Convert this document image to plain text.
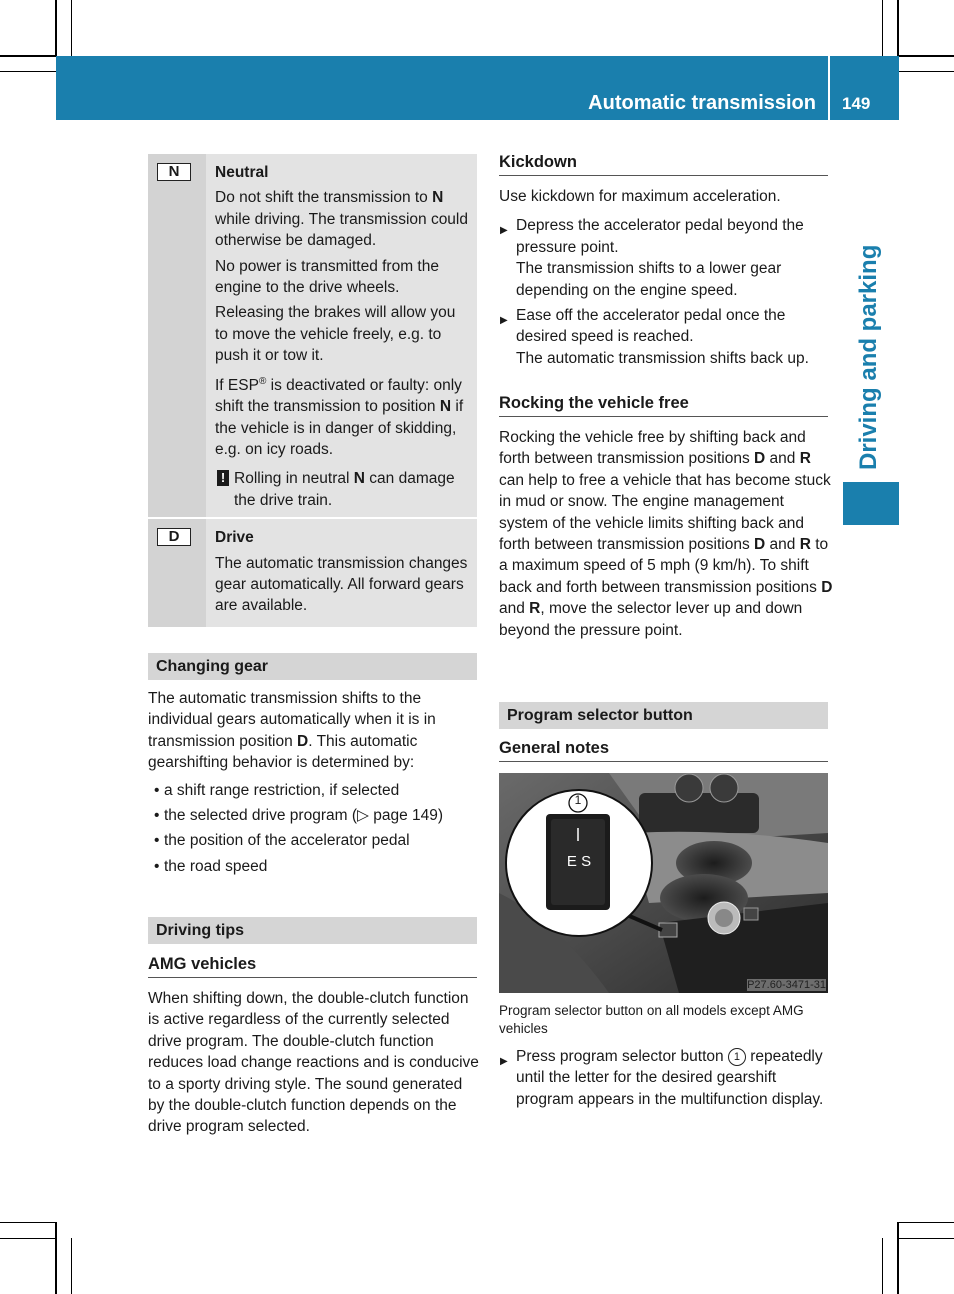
Automatic transmission 149
Driving and parking
N	Neutral

Do not shift the transmission to N while driving. The transmission could otherwise be damaged.

No power is transmitted from the engine to the drive wheels.

Releasing the brakes will allow you to move the vehicle freely, e.g. to push it or tow it.

If ESP® is deactivated or faulty: only shift the transmission to position N if the vehicle is in danger of skidding, e.g. on icy roads.

! Rolling in neutral N can damage the drive train.
D	Drive

The automatic transmission changes gear automatically. All forward gears are available.

Changing gear

The automatic transmission shifts to the individual gears automatically when it is in transmission position D. This automatic gearshifting behavior is determined by:

• a shift range restriction, if selected
• the selected drive program (▷ page 149)
• the position of the accelerator pedal
• the road speed
Driving tips
AMG vehicles

When shifting down, the double-clutch function is active regardless of the currently selected drive program. The double-clutch function reduces load change reactions and is conducive to a sporty driving style. The sound generated by the double-clutch function depends on the drive program selected.

Kickdown

Use kickdown for maximum acceleration.

▶ Depress the accelerator pedal beyond the pressure point.
The transmission shifts to a lower gear depending on the engine speed.
▶ Ease off the accelerator pedal once the desired speed is reached.
The automatic transmission shifts back up.
Rocking the vehicle free

Rocking the vehicle free by shifting back and forth between transmission positions D and R can help to free a vehicle that has become stuck in mud or snow. The engine management system of the vehicle limits shifting back and forth between transmission positions D and R to a maximum speed of 5 mph (9 km/h). To shift back and forth between transmission positions D and R, move the selector lever up and down beyond the pressure point.

Program selector button
General notes
1
E S
P27.60-3471-31
Program selector button on all models except AMG vehicles
▶ Press program selector button 1 repeatedly until the letter for the desired gearshift program appears in the multifunction display.
